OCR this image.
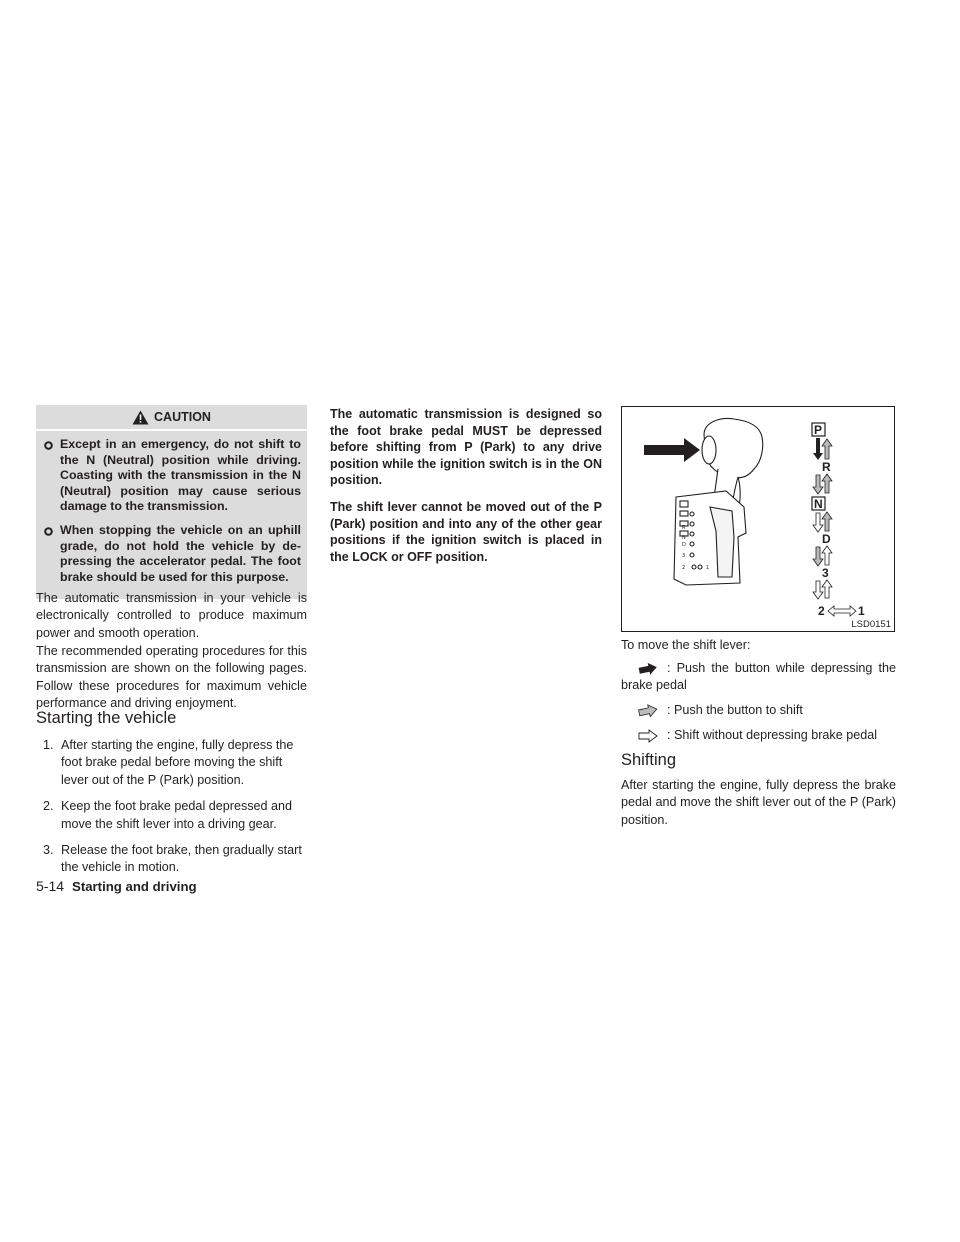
CAUTION
Except in an emergency, do not shift to the N (Neutral) position while driving. Coasting with the transmission in the N (Neutral) position may cause serious damage to the transmission.
When stopping the vehicle on an uphill grade, do not hold the vehicle by de-pressing the accelerator pedal. The foot brake should be used for this purpose.

The automatic transmission in your vehicle is electronically controlled to produce maximum power and smooth operation.

The recommended operating procedures for this transmission are shown on the following pages. Follow these procedures for maximum vehicle performance and driving enjoyment.

Starting the vehicle
1. After starting the engine, fully depress the foot brake pedal before moving the shift lever out of the P (Park) position.
2. Keep the foot brake pedal depressed and move the shift lever into a driving gear.
3. Release the foot brake, then gradually start the vehicle in motion.

The automatic transmission is designed so the foot brake pedal MUST be depressed before shifting from P (Park) to any drive position while the ignition switch is in the ON position.

The shift lever cannot be moved out of the P (Park) position and into any of the other gear positions if the ignition switch is placed in the LOCK or OFF position.

R
N
D
3
2	1
P
R
N
D
3
2	1
LSD0151
To move the shift lever:

: Push the button while depressing the brake pedal

: Push the button to shift

: Shift without depressing brake pedal

Shifting

After starting the engine, fully depress the brake pedal and move the shift lever out of the P (Park) position.

5-14 Starting and driving
